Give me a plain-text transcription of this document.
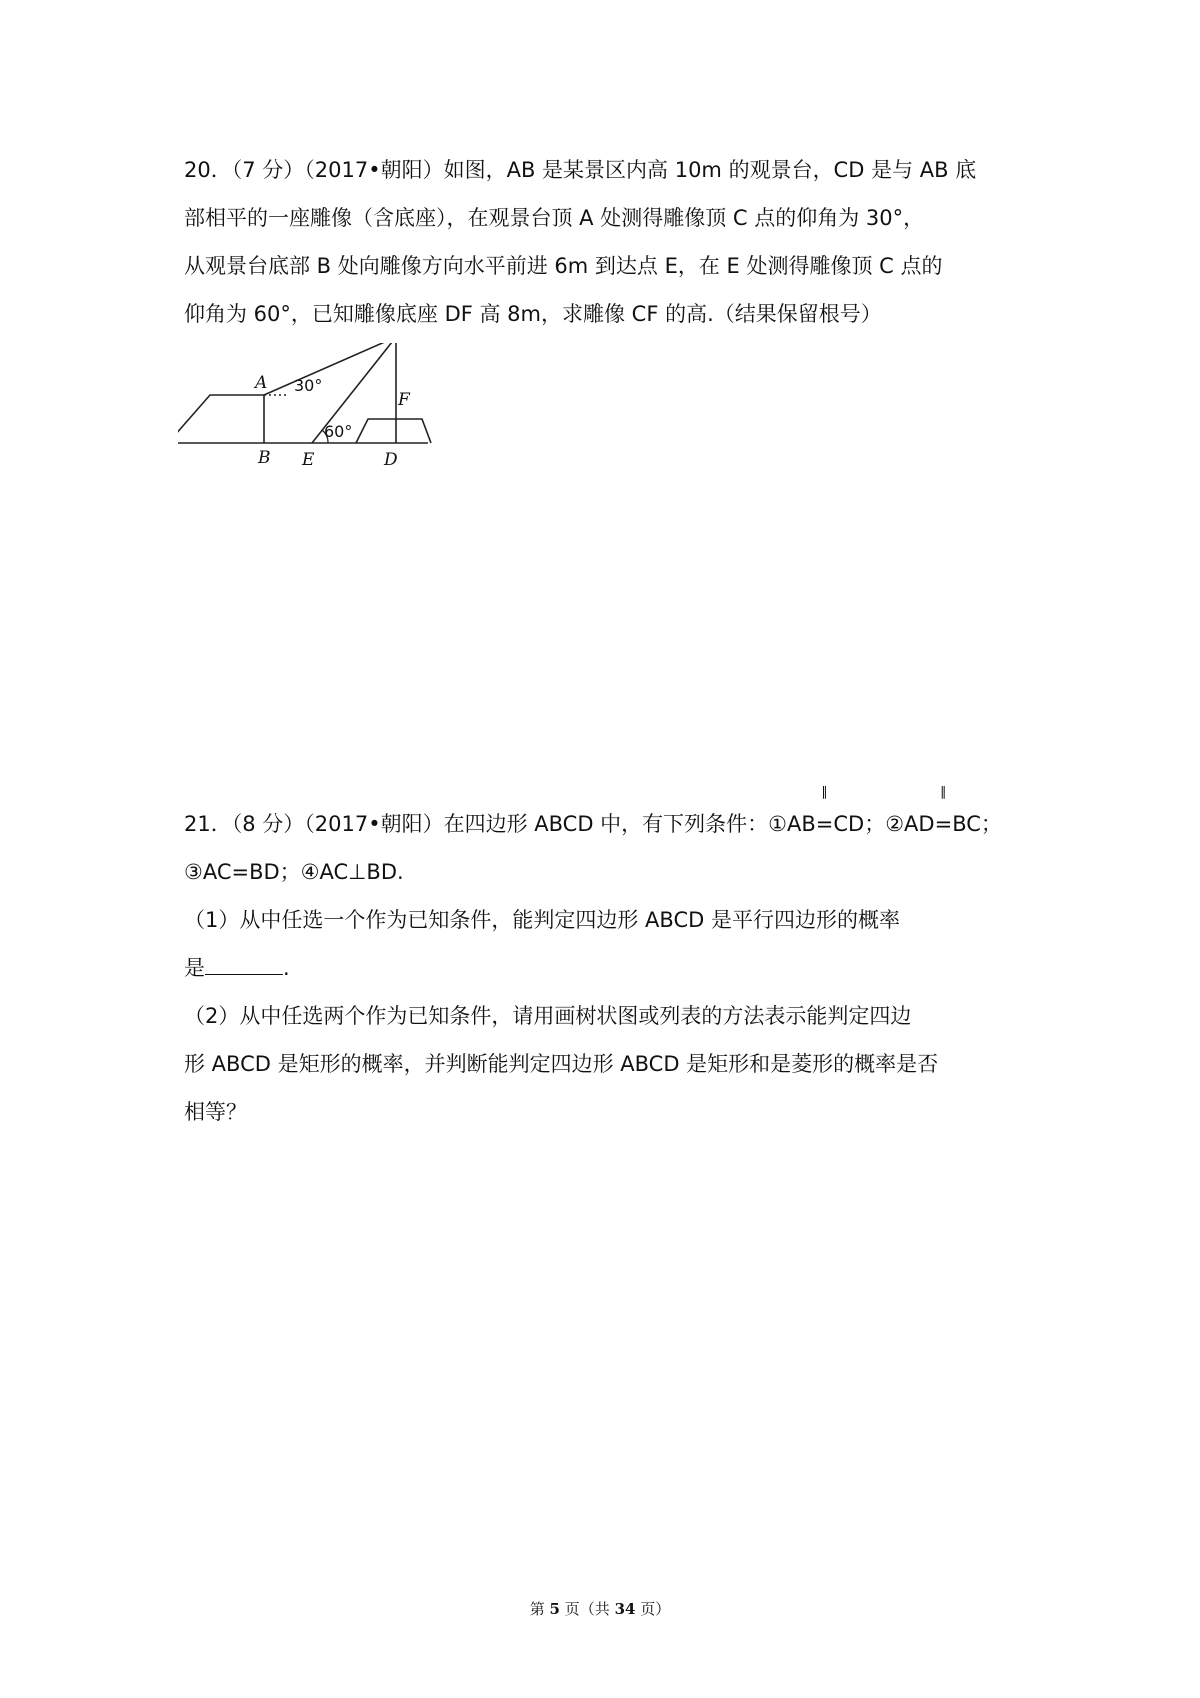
20．（7 分）（2017•朝阳）如图，AB 是某景区内高 10m 的观景台，CD 是与 AB 底
部相平的一座雕像（含底座），在观景台顶 A 处测得雕像顶 C 点的仰角为 30°，
从观景台底部 B 处向雕像方向水平前进 6m 到达点 E，在 E 处测得雕像顶 C 点的
仰角为 60°，已知雕像底座 DF 高 8m，求雕像 CF 的高.（结果保留根号）
A
F
B E	D
30°
60°
21．（8 分）（2017•朝阳）在四边形 ABCD 中，有下列条件：①AB
∥
=CD；②AD
∥
=BC；
③AC=BD；④AC⊥BD.
（1）从中任选一个作为已知条件，能判定四边形 ABCD 是平行四边形的概率
是	.
（2）从中任选两个作为已知条件，请用画树状图或列表的方法表示能判定四边
形 ABCD 是矩形的概率，并判断能判定四边形 ABCD 是矩形和是菱形的概率是否
相等？
第 5 页（共 34 页）
